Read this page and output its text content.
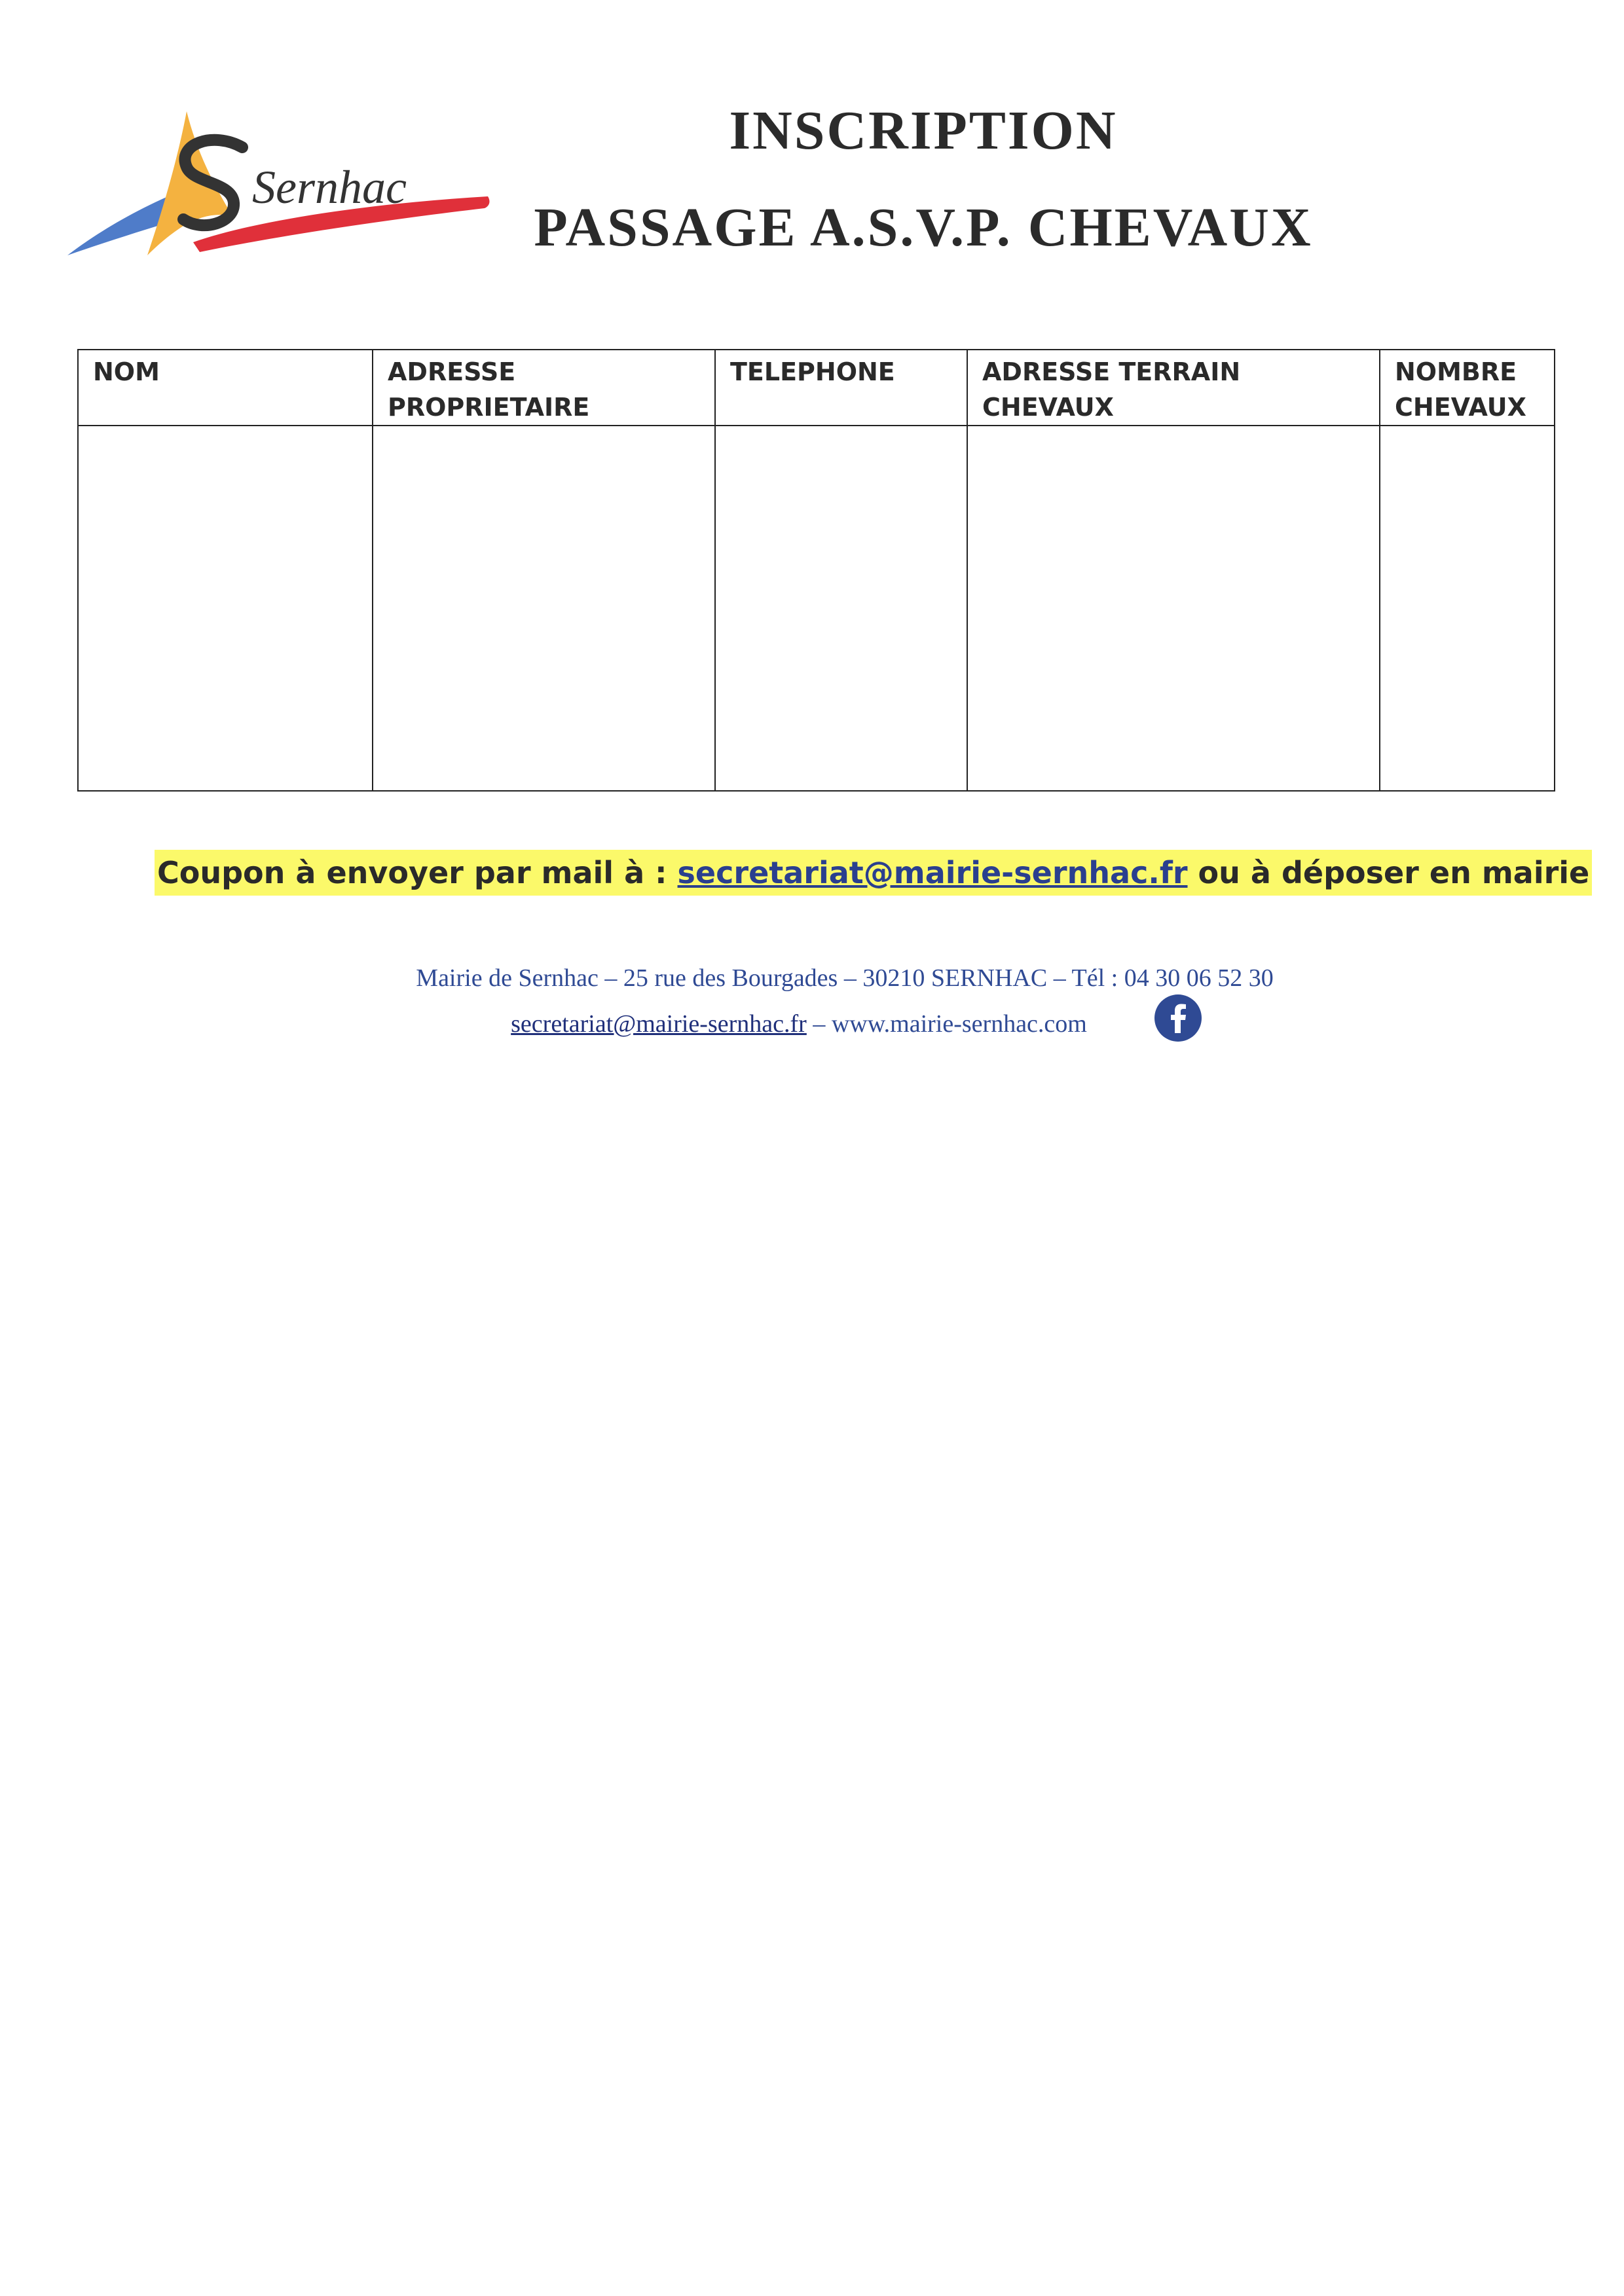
Sernhac
INSCRIPTION
PASSAGE A.S.V.P. CHEVAUX
NOM	ADRESSE PROPRIETAIRE	TELEPHONE	ADRESSE TERRAIN CHEVAUX	NOMBRE CHEVAUX

Coupon à envoyer par mail à : secretariat@mairie-sernhac.fr ou à déposer en mairie
Mairie de Sernhac – 25 rue des Bourgades – 30210 SERNHAC – Tél : 04 30 06 52 30
secretariat@mairie-sernhac.fr – www.mairie-sernhac.com
